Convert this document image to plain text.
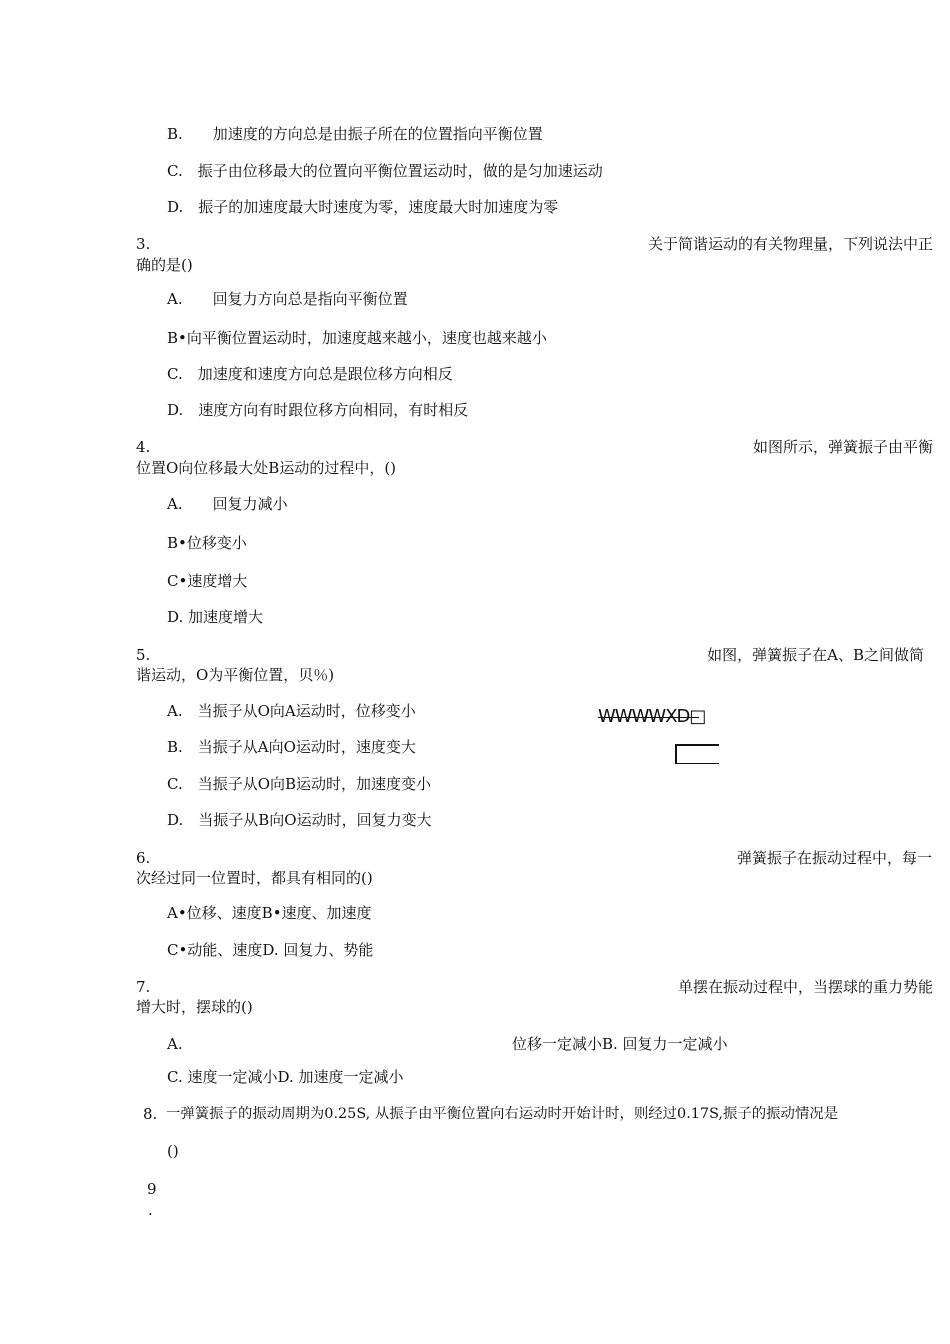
B.　　加速度的方向总是由振子所在的位置指向平衡位置
C.　振子由位移最大的位置向平衡位置运动时，做的是匀加速运动
D.　振子的加速度最大时速度为零，速度最大时加速度为零
3.	关于简谐运动的有关物理量，下列说法中正
确的是()
A.　　回复力方向总是指向平衡位置
B•向平衡位置运动时，加速度越来越小，速度也越来越小
C.　加速度和速度方向总是跟位移方向相反
D.　速度方向有时跟位移方向相同，有时相反
4.	如图所示，弹簧振子由平衡
位置O向位移最大处B运动的过程中，()
A.　　回复力减小
B•位移变小
C•速度增大
D. 加速度增大
5.	如图，弹簧振子在A、B之间做简
谐运动，O为平衡位置，贝％)
A.　当振子从O向A运动时，位移变小
B.　当振子从A向O运动时，速度变大
C.　当振子从O向B运动时，加速度变小
D.　当振子从B向O运动时，回复力变大
WWWWXD□
6.	弹簧振子在振动过程中，每一
次经过同一位置时，都具有相同的()
A•位移、速度B•速度、加速度
C•动能、速度D. 回复力、势能
7.	单摆在振动过程中，当摆球的重力势能
增大时，摆球的()
A.	位移一定减小B. 回复力一定减小
C. 速度一定减小D. 加速度一定减小
8. 一弹簧振子的振动周期为0.25S, 从振子由平衡位置向右运动时开始计时，则经过0.17S,振子的振动情况是
()
9
.
